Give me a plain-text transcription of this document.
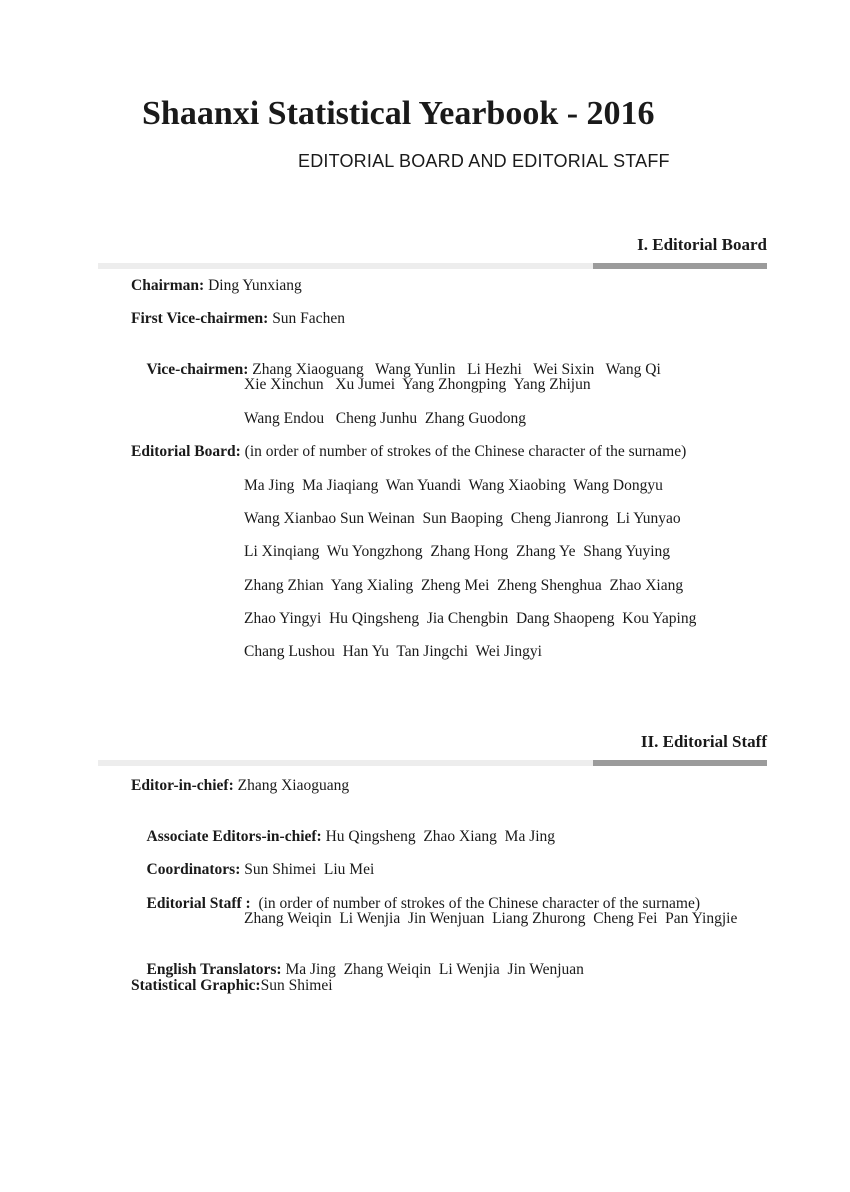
Shaanxi Statistical Yearbook - 2016
EDITORIAL BOARD AND EDITORIAL STAFF
I. Editorial Board
Chairman: Ding Yunxiang
First Vice-chairmen: Sun Fachen

Vice-chairmen: Zhang Xiaoguang   Wang Yunlin   Li Hezhi   Wei Sixin   Wang Qi

Xie Xinchun   Xu Jumei  Yang Zhongping  Yang Zhijun
Wang Endou   Cheng Junhu  Zhang Guodong
Editorial Board: (in order of number of strokes of the Chinese character of the surname)
Ma Jing  Ma Jiaqiang  Wan Yuandi  Wang Xiaobing  Wang Dongyu
Wang Xianbao Sun Weinan  Sun Baoping  Cheng Jianrong  Li Yunyao
Li Xinqiang  Wu Yongzhong  Zhang Hong  Zhang Ye  Shang Yuying
Zhang Zhian  Yang Xialing  Zheng Mei  Zheng Shenghua  Zhao Xiang
Zhao Yingyi  Hu Qingsheng  Jia Chengbin  Dang Shaopeng  Kou Yaping
Chang Lushou  Han Yu  Tan Jingchi  Wei Jingyi
II. Editorial Staff
Editor-in-chief: Zhang Xiaoguang

Associate Editors-in-chief: Hu Qingsheng  Zhao Xiang  Ma Jing

Coordinators: Sun Shimei  Liu Mei

Editorial Staff :  (in order of number of strokes of the Chinese character of the surname)

Zhang Weiqin  Li Wenjia  Jin Wenjuan  Liang Zhurong  Cheng Fei  Pan Yingjie

English Translators: Ma Jing  Zhang Weiqin  Li Wenjia  Jin Wenjuan

Statistical Graphic:Sun Shimei
